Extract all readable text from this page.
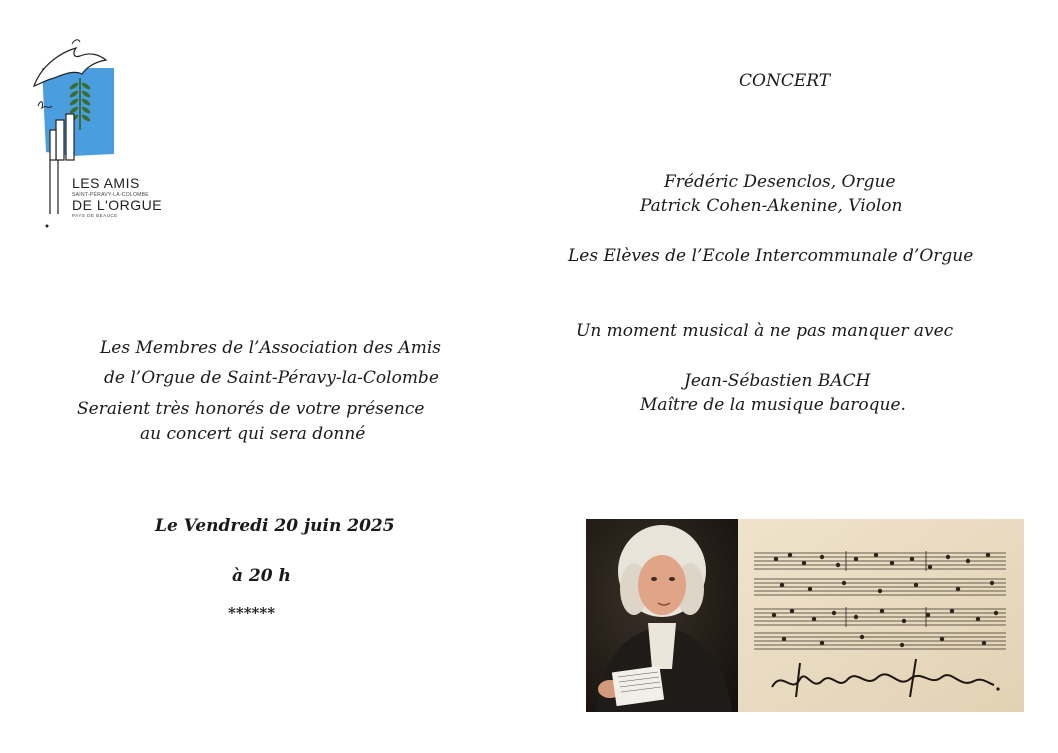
LES AMIS
SAINT-PÉRAVY-LA-COLOMBE
DE L'ORGUE
PAYS DE BEAUCE
Les Membres de l’Association des Amis
de l’Orgue de Saint-Péravy-la-Colombe
Seraient très honorés de votre présence
au concert qui sera donné
Le Vendredi 20 juin 2025
à 20 h
******
CONCERT
Frédéric Desenclos, Orgue
Patrick Cohen-Akenine, Violon
Les Elèves de l’Ecole Intercommunale d’Orgue
Un moment musical à ne pas manquer avec
Jean-Sébastien BACH
Maître de la musique baroque.
